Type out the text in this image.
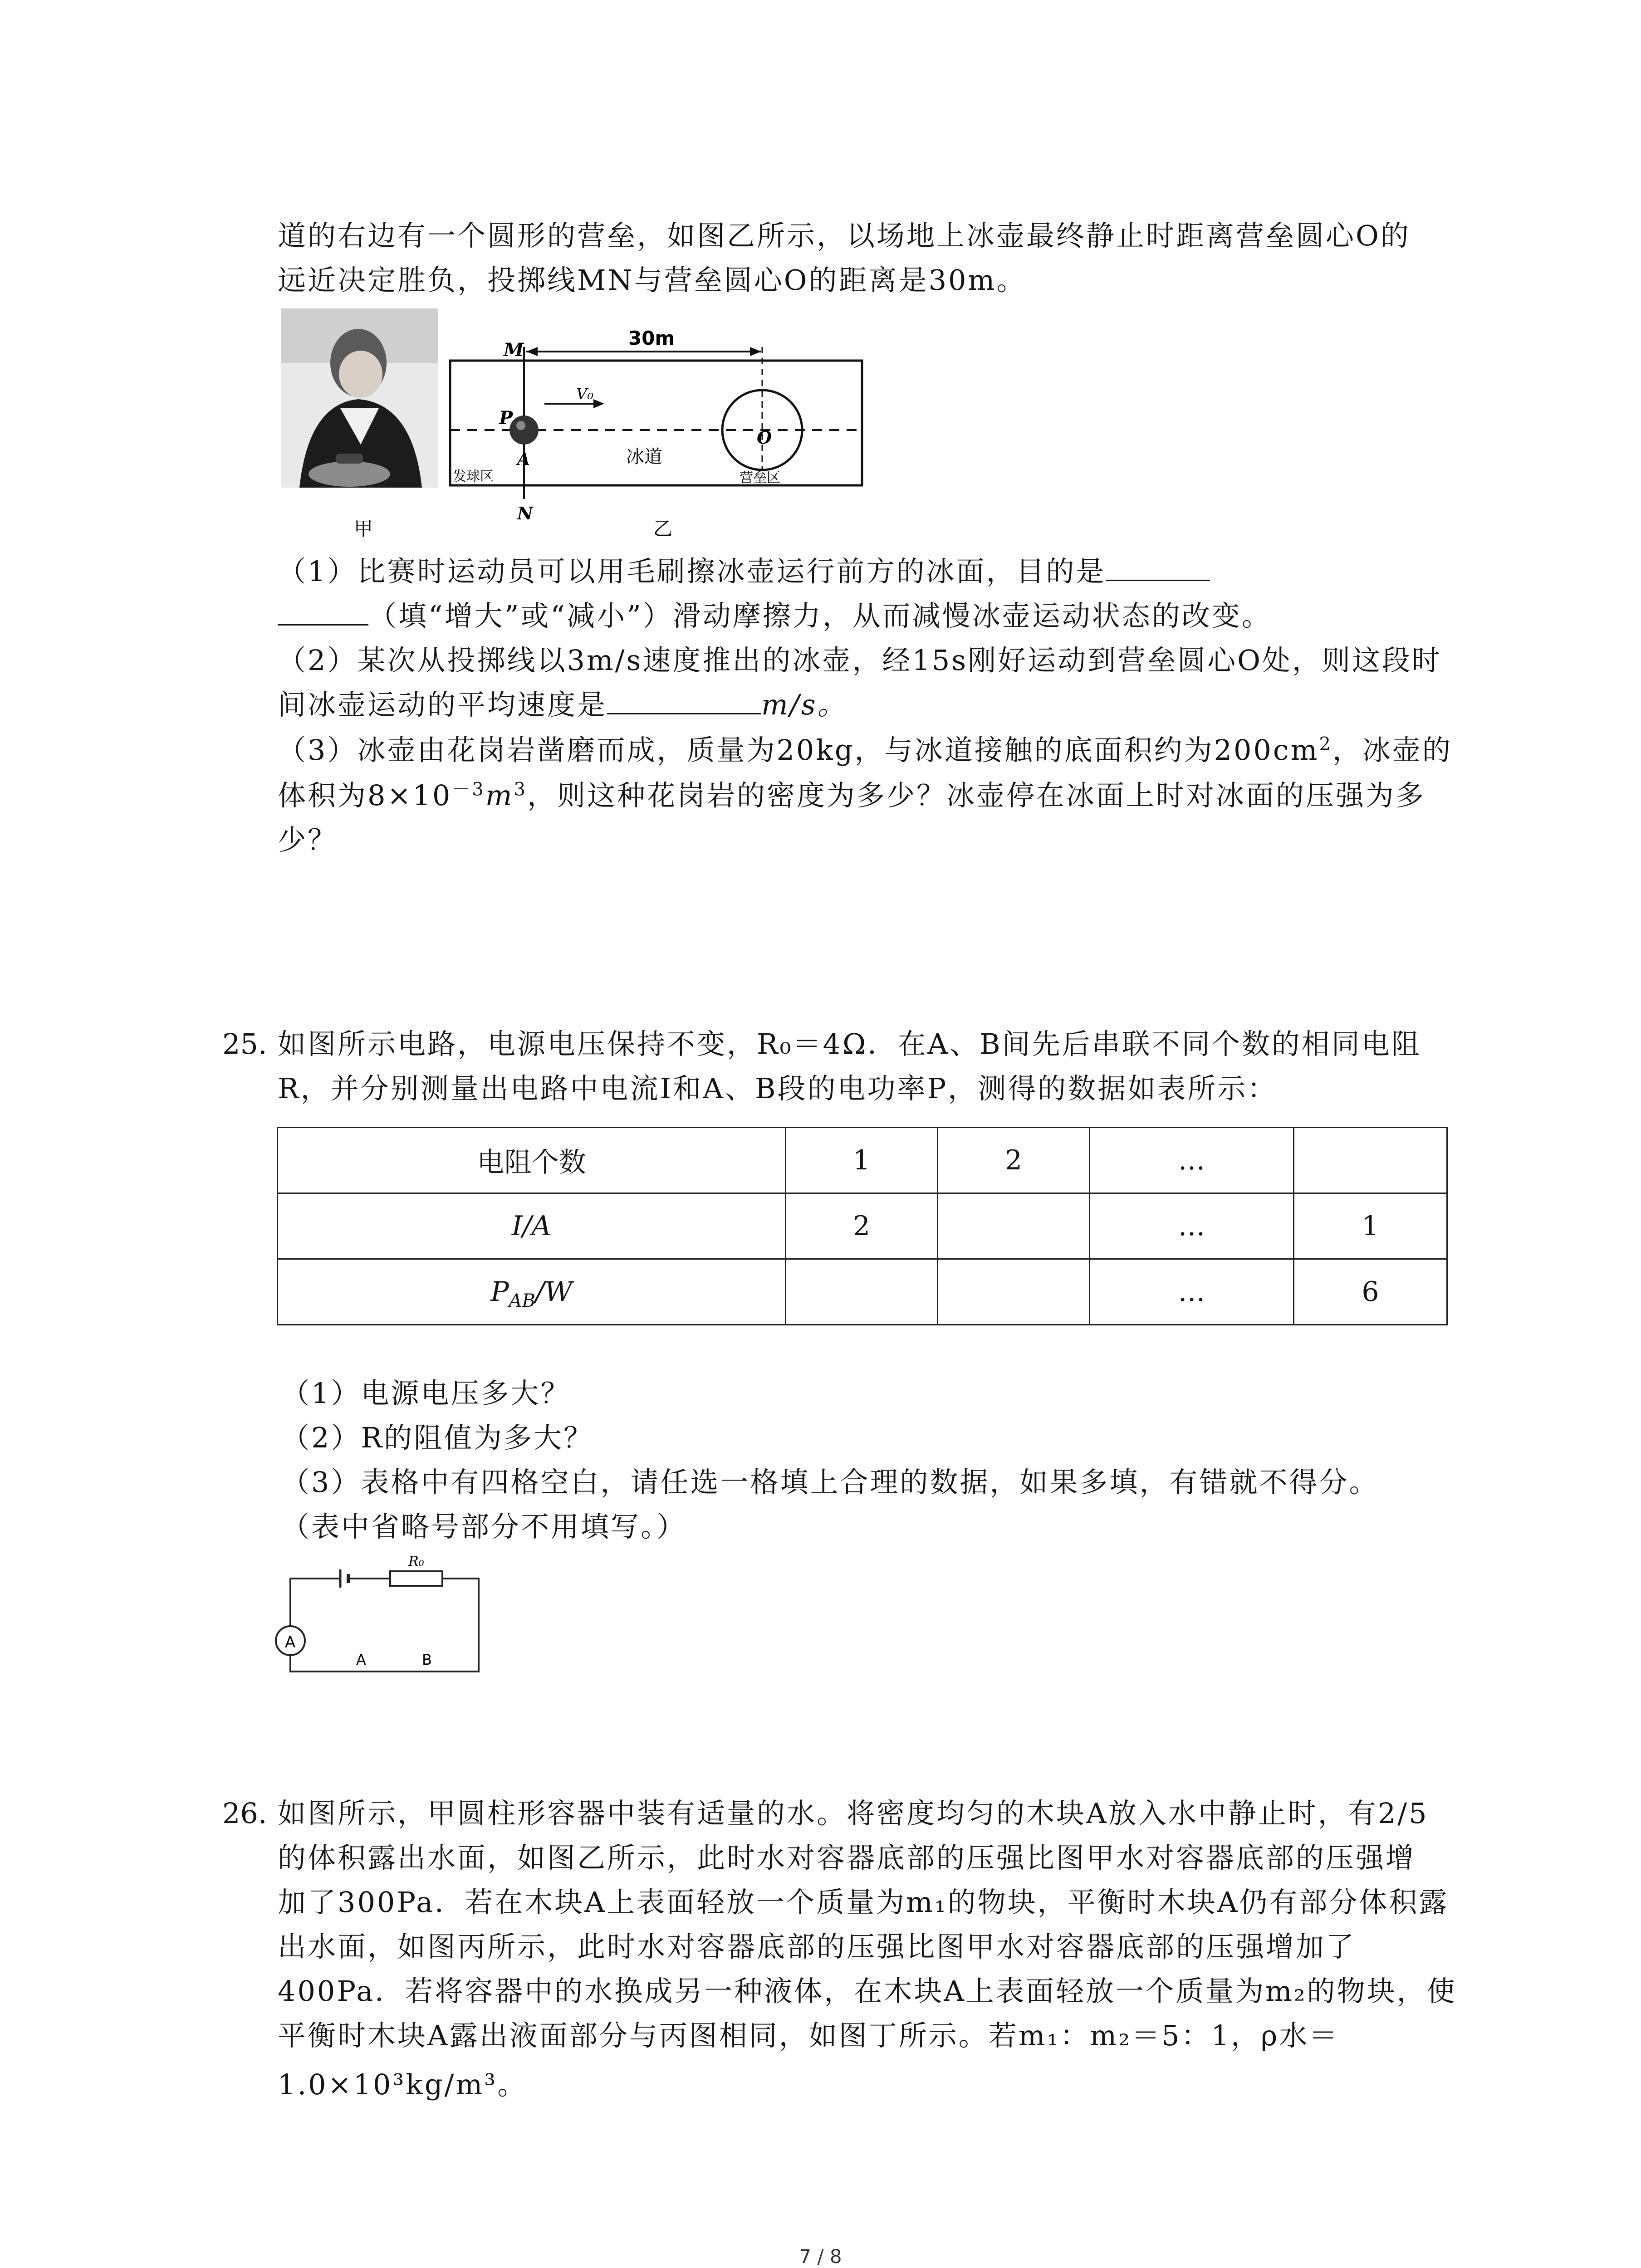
道的右边有一个圆形的营垒，如图乙所示，以场地上冰壶最终静止时距离营垒圆心O的
远近决定胜负，投掷线MN与营垒圆心O的距离是30m。
M
30m
P
V₀
O
A	冰道
发球区	营垒区
N
甲	乙
（1）比赛时运动员可以用毛刷擦冰壶运行前方的冰面，目的是
（填“增大”或“减小”）滑动摩擦力，从而减慢冰壶运动状态的改变。
（2）某次从投掷线以3m/s速度推出的冰壶，经15s刚好运动到营垒圆心O处，则这段时
间冰壶运动的平均速度是	m/s。
（3）冰壶由花岗岩凿磨而成，质量为20kg，与冰道接触的底面积约为$200cm^2$，冰壶的
体积为$8\times 10^{-3}m^3$，则这种花岗岩的密度为多少？冰壶停在冰面上时对冰面的压强为多
少？
25. 如图所示电路，电源电压保持不变，R₀＝4Ω．在A、B间先后串联不同个数的相同电阻
R，并分别测量出电路中电流I和A、B段的电功率P，测得的数据如表所示：
电阻个数	1	2	…	
I/A	2		…	1
$P_{AB}/W$			…	6
（1）电源电压多大？
（2）R的阻值为多大？
（3）表格中有四格空白，请任选一格填上合理的数据，如果多填，有错就不得分。
（表中省略号部分不用填写。）
A
R₀
A	B
26. 如图所示，甲圆柱形容器中装有适量的水。将密度均匀的木块A放入水中静止时，有2/5
的体积露出水面，如图乙所示，此时水对容器底部的压强比图甲水对容器底部的压强增
加了300Pa．若在木块A上表面轻放一个质量为m₁的物块，平衡时木块A仍有部分体积露
出水面，如图丙所示，此时水对容器底部的压强比图甲水对容器底部的压强增加了
400Pa．若将容器中的水换成另一种液体，在木块A上表面轻放一个质量为m₂的物块，使
平衡时木块A露出液面部分与丙图相同，如图丁所示。若m₁：m₂＝5：1，ρ水＝
1.0×10³kg/m³。
7 / 8
